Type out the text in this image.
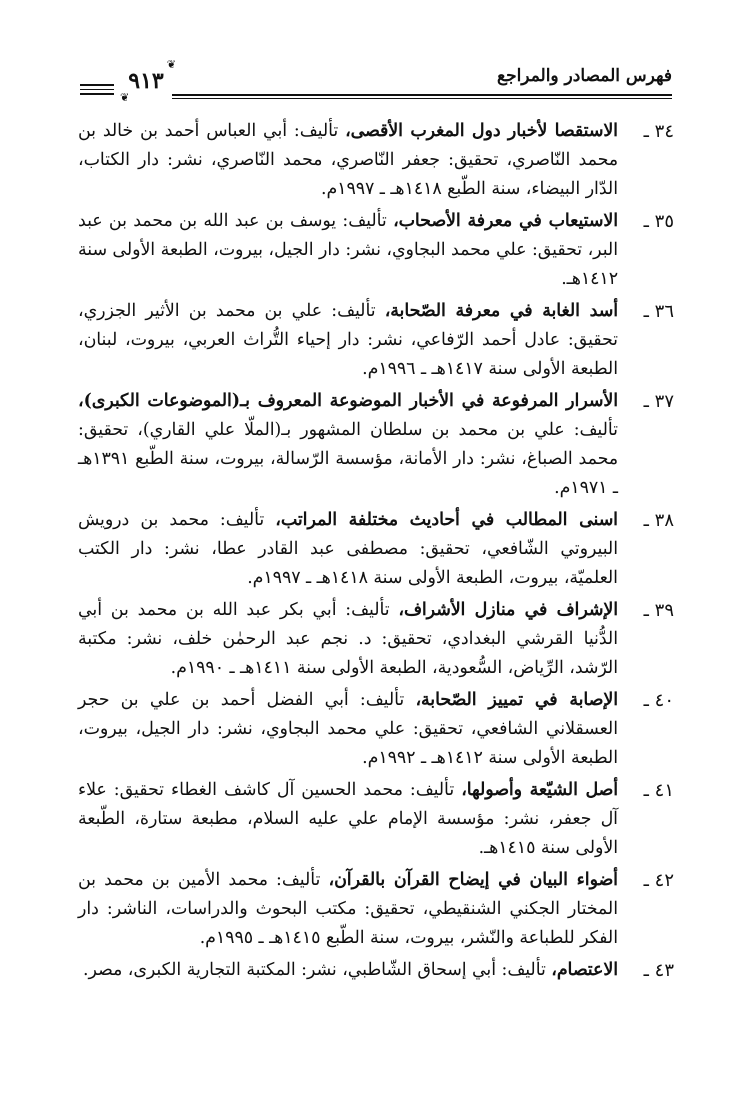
فهرس المصادر والمراجع
❦
٩١٣
❦
٣٤ ـ
الاستقصا لأخبار دول المغرب الأقصى، تأليف: أبي العباس أحمد بن خالد بن محمد النّاصري، تحقيق: جعفر النّاصري، محمد النّاصري، نشر: دار الكتاب، الدّار البيضاء، سنة الطّبع ١٤١٨هـ ـ ١٩٩٧م.
٣٥ ـ
الاستيعاب في معرفة الأصحاب، تأليف: يوسف بن عبد الله بن محمد بن عبد البر، تحقيق: علي محمد البجاوي، نشر: دار الجيل، بيروت، الطبعة الأولى سنة ١٤١٢هـ.
٣٦ ـ
أسد الغابة في معرفة الصّحابة، تأليف: علي بن محمد بن الأثير الجزري، تحقيق: عادل أحمد الرّفاعي، نشر: دار إحياء التُّراث العربي، بيروت، لبنان، الطبعة الأولى سنة ١٤١٧هـ ـ ١٩٩٦م.
٣٧ ـ
الأسرار المرفوعة في الأخبار الموضوعة المعروف بـ(الموضوعات الكبرى)، تأليف: علي بن محمد بن سلطان المشهور بـ(الملّا علي القاري)، تحقيق: محمد الصباغ، نشر: دار الأمانة، مؤسسة الرّسالة، بيروت، سنة الطّبع ١٣٩١هـ ـ ١٩٧١م.
٣٨ ـ
اسنى المطالب في أحاديث مختلفة المراتب، تأليف: محمد بن درويش البيروتي الشّافعي، تحقيق: مصطفى عبد القادر عطا، نشر: دار الكتب العلميّة، بيروت، الطبعة الأولى سنة ١٤١٨هـ ـ ١٩٩٧م.
٣٩ ـ
الإشراف في منازل الأشراف، تأليف: أبي بكر عبد الله بن محمد بن أبي الدُّنيا القرشي البغدادي، تحقيق: د. نجم عبد الرحمٰن خلف، نشر: مكتبة الرّشد، الرِّياض، السُّعودية، الطبعة الأولى سنة ١٤١١هـ ـ ١٩٩٠م.
٤٠ ـ
الإصابة في تمييز الصّحابة، تأليف: أبي الفضل أحمد بن علي بن حجر العسقلاني الشافعي، تحقيق: علي محمد البجاوي، نشر: دار الجيل، بيروت، الطبعة الأولى سنة ١٤١٢هـ ـ ١٩٩٢م.
٤١ ـ
أصل الشيّعة وأصولها، تأليف: محمد الحسين آل كاشف الغطاء تحقيق: علاء آل جعفر، نشر: مؤسسة الإمام علي عليه السلام، مطبعة ستارة، الطّبعة الأولى سنة ١٤١٥هـ.
٤٢ ـ
أضواء البيان في إيضاح القرآن بالقرآن، تأليف: محمد الأمين بن محمد بن المختار الجكني الشنقيطي، تحقيق: مكتب البحوث والدراسات، الناشر: دار الفكر للطباعة والنّشر، بيروت، سنة الطّبع ١٤١٥هـ ـ ١٩٩٥م.
٤٣ ـ
الاعتصام، تأليف: أبي إسحاق الشّاطبي، نشر: المكتبة التجارية الكبرى، مصر.
